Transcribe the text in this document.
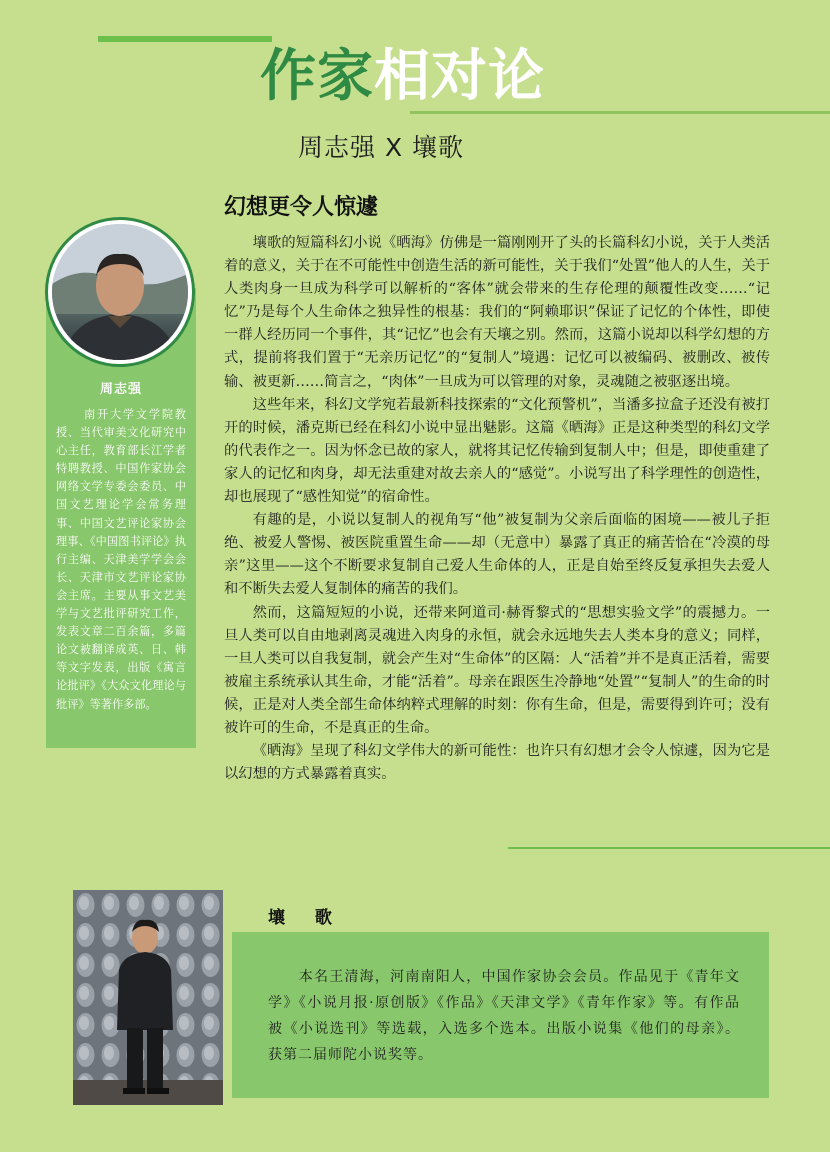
作家相对论
周志强 X 壤歌
幻想更令人惊遽

壤歌的短篇科幻小说《晒海》仿佛是一篇刚刚开了头的长篇科幻小说，关于人类活着的意义，关于在不可能性中创造生活的新可能性，关于我们“处置”他人的人生，关于人类肉身一旦成为科学可以解析的“客体”就会带来的生存伦理的颠覆性改变……“记忆”乃是每个人生命体之独异性的根基：我们的“阿赖耶识”保证了记忆的个体性，即使一群人经历同一个事件，其“记忆”也会有天壤之别。然而，这篇小说却以科学幻想的方式，提前将我们置于“无亲历记忆”的“复制人”境遇：记忆可以被编码、被删改、被传输、被更新……简言之，“肉体”一旦成为可以管理的对象，灵魂随之被驱逐出境。

这些年来，科幻文学宛若最新科技探索的“文化预警机”，当潘多拉盒子还没有被打开的时候，潘克斯已经在科幻小说中显出魅影。这篇《晒海》正是这种类型的科幻文学的代表作之一。因为怀念已故的家人，就将其记忆传输到复制人中；但是，即使重建了家人的记忆和肉身，却无法重建对故去亲人的“感觉”。小说写出了科学理性的创造性，却也展现了“感性知觉”的宿命性。

有趣的是，小说以复制人的视角写“他”被复制为父亲后面临的困境——被儿子拒绝、被爱人警惕、被医院重置生命——却（无意中）暴露了真正的痛苦恰在“冷漠的母亲”这里——这个不断要求复制自己爱人生命体的人，正是自始至终反复承担失去爱人和不断失去爱人复制体的痛苦的我们。

然而，这篇短短的小说，还带来阿道司·赫胥黎式的“思想实验文学”的震撼力。一旦人类可以自由地剥离灵魂进入肉身的永恒，就会永远地失去人类本身的意义；同样，一旦人类可以自我复制，就会产生对“生命体”的区隔：人“活着”并不是真正活着，需要被雇主系统承认其生命，才能“活着”。母亲在跟医生冷静地“处置”“复制人”的生命的时候，正是对人类全部生命体纳粹式理解的时刻：你有生命，但是，需要得到许可；没有被许可的生命，不是真正的生命。

《晒海》呈现了科幻文学伟大的新可能性：也许只有幻想才会令人惊遽，因为它是以幻想的方式暴露着真实。

周志强

南开大学文学院教授、当代审美文化研究中心主任，教育部长江学者特聘教授、中国作家协会网络文学专委会委员、中国文艺理论学会常务理事、中国文艺评论家协会理事、《中国图书评论》执行主编、天津美学学会会长、天津市文艺评论家协会主席。主要从事文艺美学与文艺批评研究工作，发表文章二百余篇，多篇论文被翻译成英、日、韩等文字发表，出版《寓言论批评》《大众文化理论与批评》等著作多部。

壤 歌

本名王清海，河南南阳人，中国作家协会会员。作品见于《青年文学》《小说月报·原创版》《作品》《天津文学》《青年作家》等。有作品被《小说选刊》等选载，入选多个选本。出版小说集《他们的母亲》。获第二届师陀小说奖等。
